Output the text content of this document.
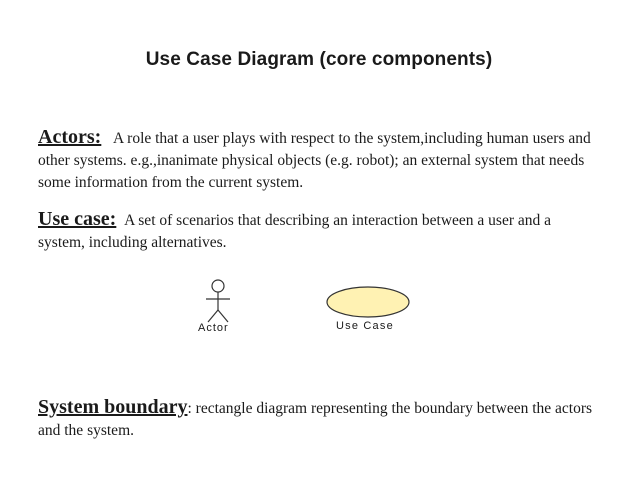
Use Case Diagram (core components)
Actors: A role that a user plays with respect to the system,including human users and other systems. e.g.,inanimate physical objects (e.g. robot); an external system that needs some information from the current system.
Use case: A set of scenarios that describing an interaction between a user and a system, including alternatives.
Actor	Use Case
System boundary: rectangle diagram representing the boundary between the actors and the system.
